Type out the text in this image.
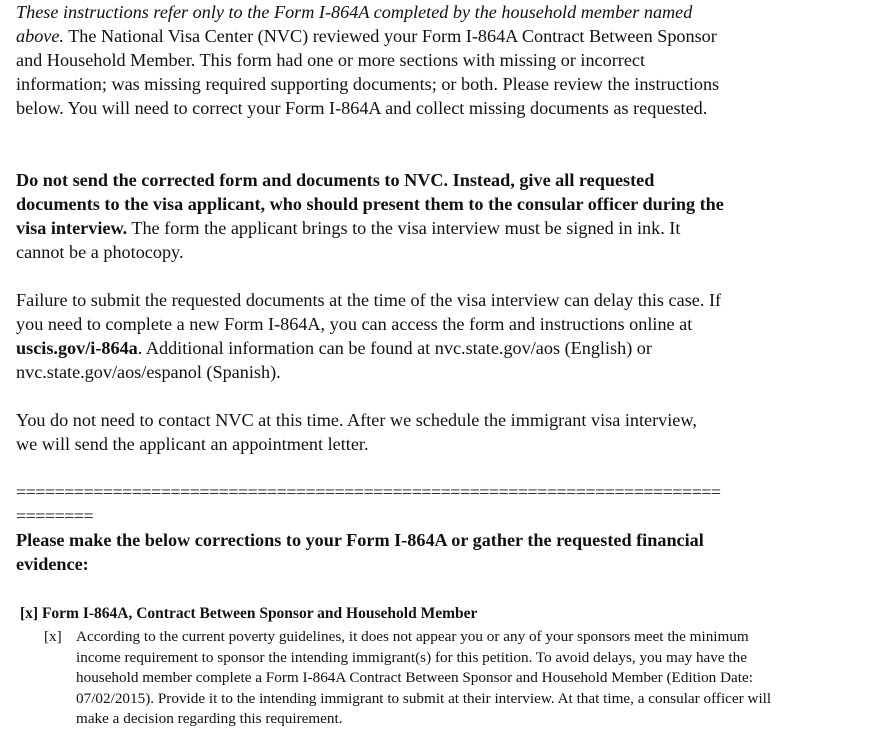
These instructions refer only to the Form I-864A completed by the household member named
above. The National Visa Center (NVC) reviewed your Form I-864A Contract Between Sponsor
and Household Member. This form had one or more sections with missing or incorrect
information; was missing required supporting documents; or both. Please review the instructions
below. You will need to correct your Form I-864A and collect missing documents as requested.

Do not send the corrected form and documents to NVC. Instead, give all requested
documents to the visa applicant, who should present them to the consular officer during the
visa interview. The form the applicant brings to the visa interview must be signed in ink. It
cannot be a photocopy.

Failure to submit the requested documents at the time of the visa interview can delay this case. If
you need to complete a new Form I-864A, you can access the form and instructions online at
uscis.gov/i-864a. Additional information can be found at nvc.state.gov/aos (English) or
nvc.state.gov/aos/espanol (Spanish).

You do not need to contact NVC at this time. After we schedule the immigrant visa interview,
we will send the applicant an appointment letter.

=========================================================================
========
Please make the below corrections to your Form I-864A or gather the requested financial
evidence:
[x] Form I-864A, Contract Between Sponsor and Household Member
[x] According to the current poverty guidelines, it does not appear you or any of your sponsors meet the minimum
income requirement to sponsor the intending immigrant(s) for this petition. To avoid delays, you may have the
household member complete a Form I-864A Contract Between Sponsor and Household Member (Edition Date:
07/02/2015). Provide it to the intending immigrant to submit at their interview. At that time, a consular officer will
make a decision regarding this requirement.
